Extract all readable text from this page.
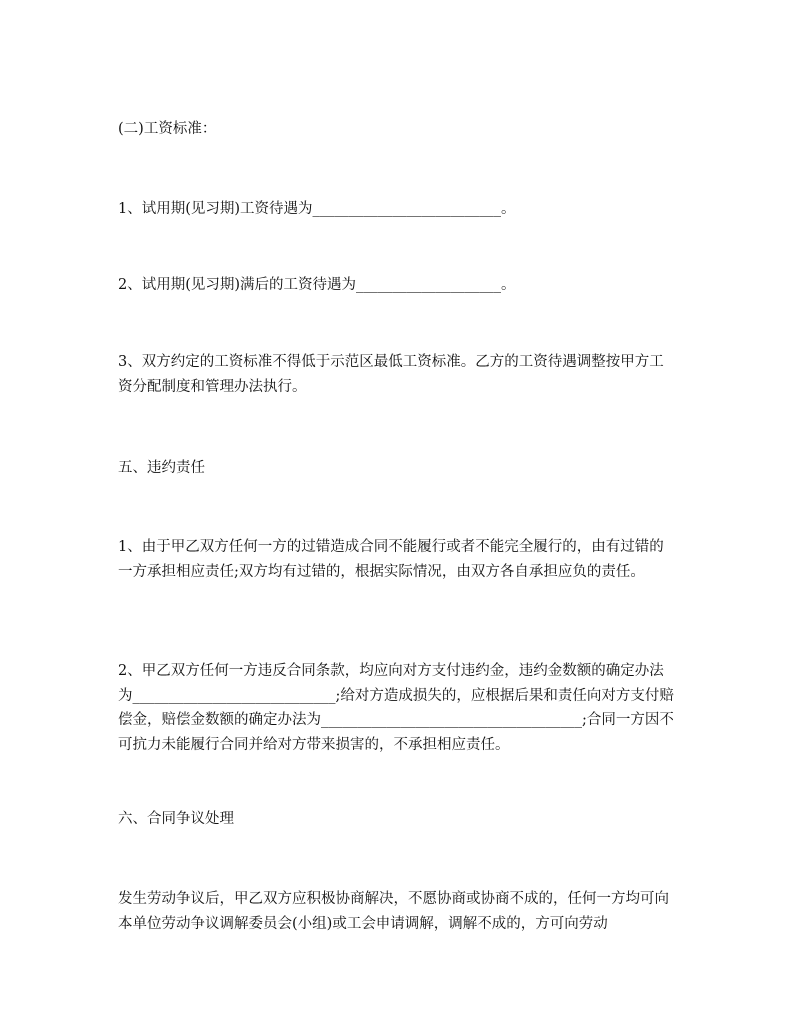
(二)工资标准：

1、试用期(见习期)工资待遇为__________________________。

2、试用期(见习期)满后的工资待遇为____________________。

3、双方约定的工资标准不得低于示范区最低工资标准。乙方的工资待遇调整按甲方工资分配制度和管理办法执行。

五、违约责任

1、由于甲乙双方任何一方的过错造成合同不能履行或者不能完全履行的，由有过错的一方承担相应责任;双方均有过错的，根据实际情况，由双方各自承担应负的责任。

2、甲乙双方任何一方违反合同条款，均应向对方支付违约金，违约金数额的确定办法为____________________________;给对方造成损失的，应根据后果和责任向对方支付赔偿金，赔偿金数额的确定办法为____________________________________;合同一方因不可抗力未能履行合同并给对方带来损害的，不承担相应责任。

六、合同争议处理

发生劳动争议后，甲乙双方应积极协商解决，不愿协商或协商不成的，任何一方均可向本单位劳动争议调解委员会(小组)或工会申请调解，调解不成的，方可向劳动
